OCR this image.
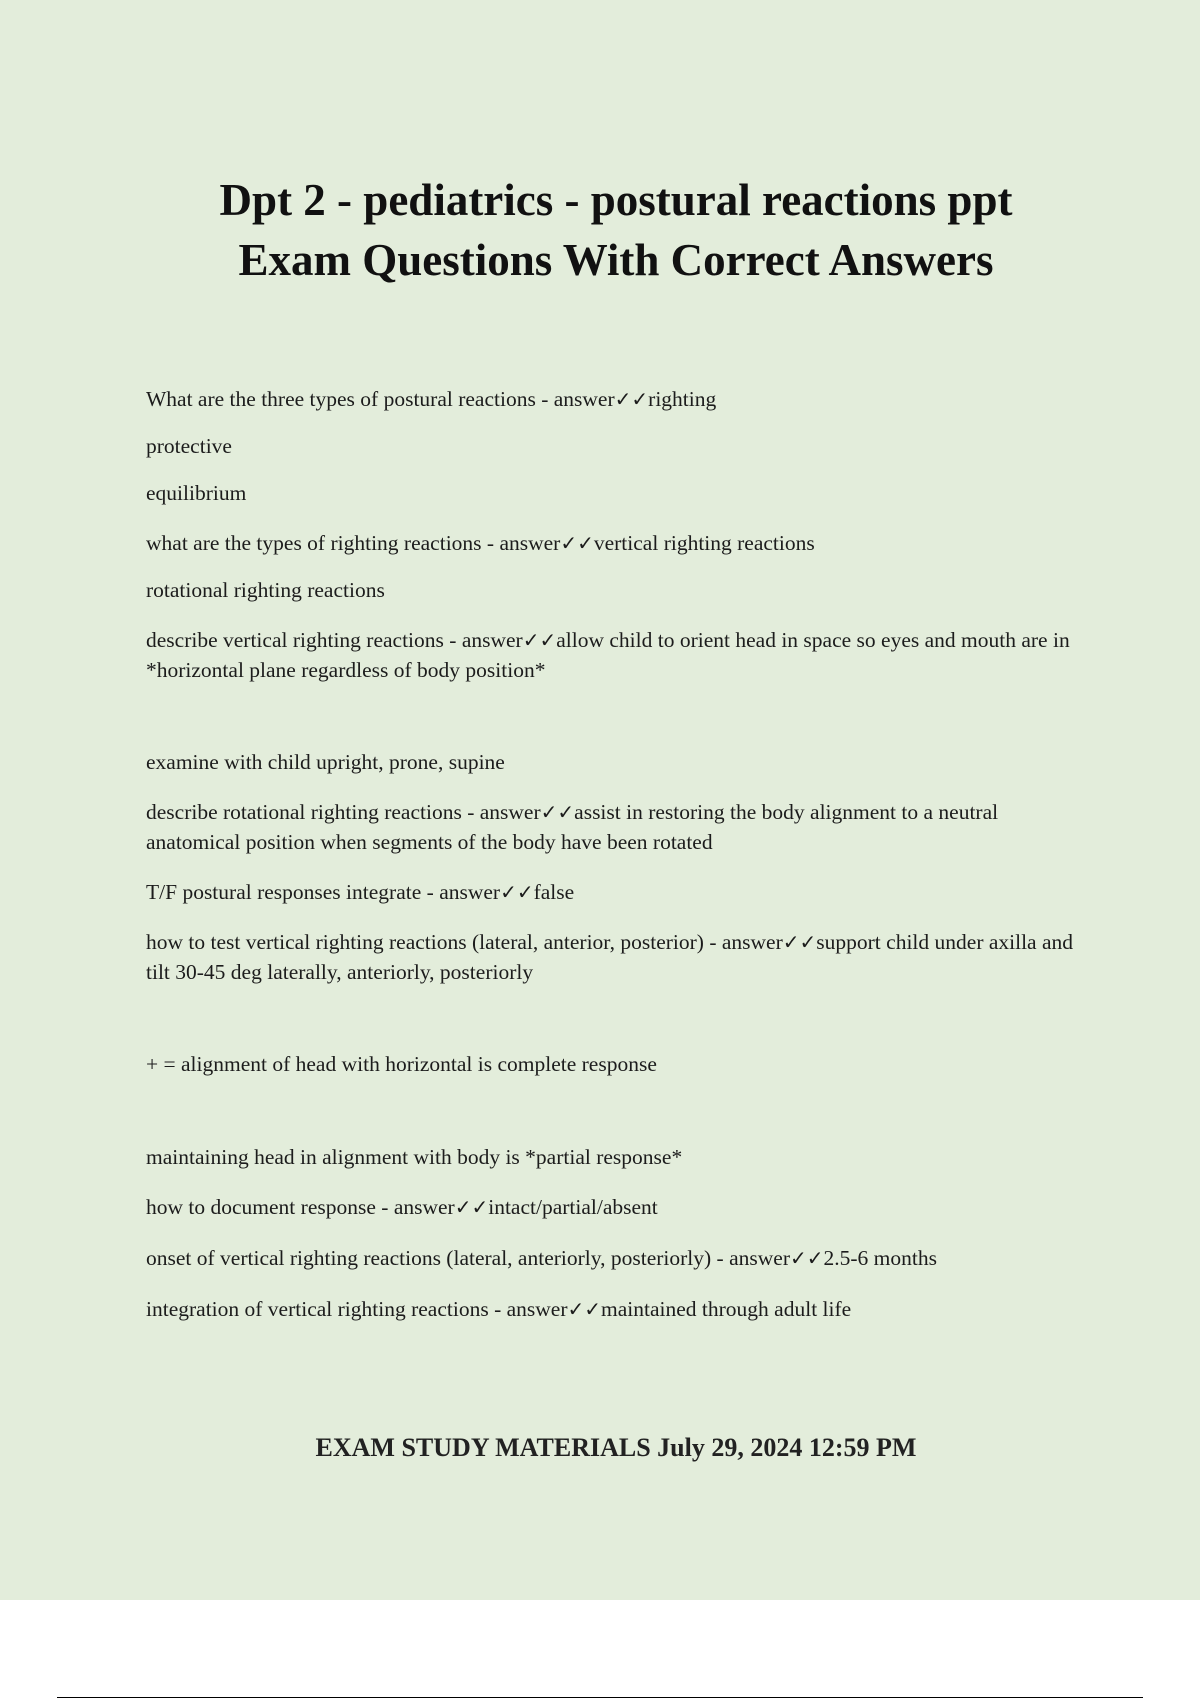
Dpt 2 - pediatrics - postural reactions ppt
Exam Questions With Correct Answers

What are the three types of postural reactions - answer✓✓righting

protective

equilibrium

what are the types of righting reactions - answer✓✓vertical righting reactions

rotational righting reactions

describe vertical righting reactions - answer✓✓allow child to orient head in space so eyes and mouth are in *horizontal plane regardless of body position*

examine with child upright, prone, supine

describe rotational righting reactions - answer✓✓assist in restoring the body alignment to a neutral anatomical position when segments of the body have been rotated

T/F postural responses integrate - answer✓✓false

how to test vertical righting reactions (lateral, anterior, posterior) - answer✓✓support child under axilla and tilt 30-45 deg laterally, anteriorly, posteriorly

+ = alignment of head with horizontal is complete response

maintaining head in alignment with body is *partial response*

how to document response - answer✓✓intact/partial/absent

onset of vertical righting reactions (lateral, anteriorly, posteriorly) - answer✓✓2.5-6 months

integration of vertical righting reactions - answer✓✓maintained through adult life

EXAM STUDY MATERIALS July 29, 2024 12:59 PM
